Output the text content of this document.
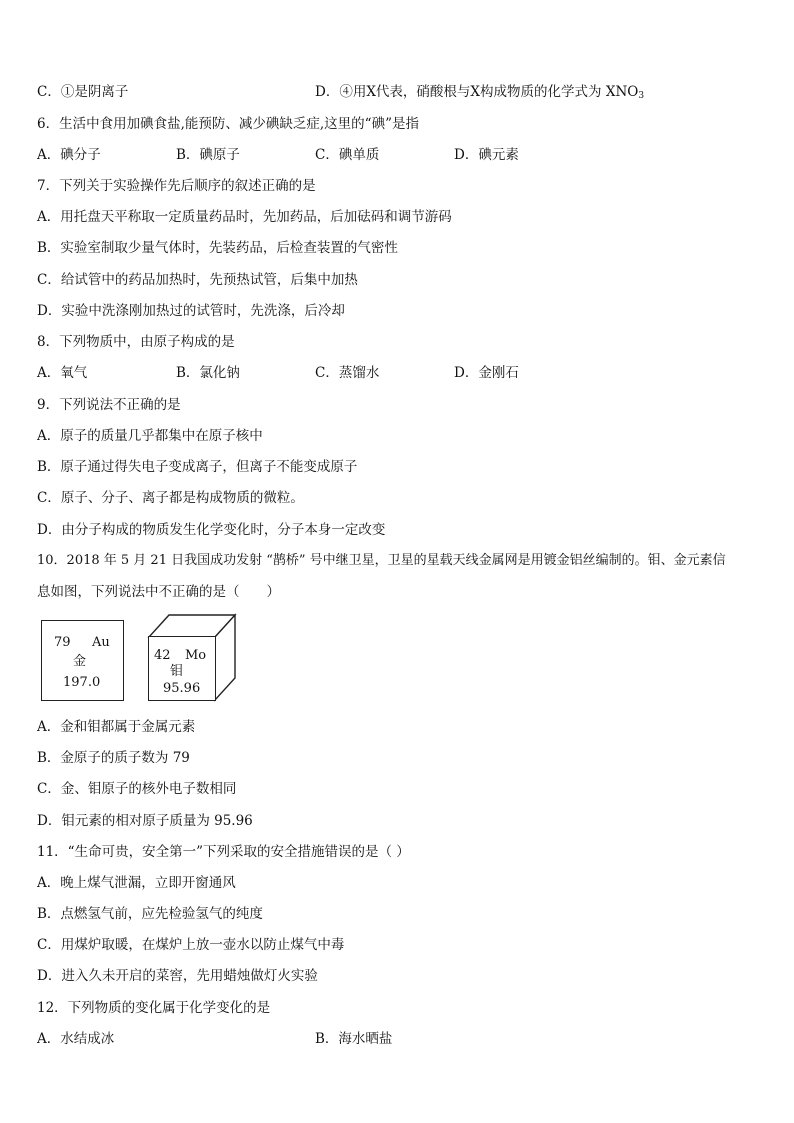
C．①是阴离子	D．④用X代表，硝酸根与X构成物质的化学式为 $XNO_3$
6．生活中食用加碘食盐,能预防、减少碘缺乏症,这里的“碘”是指
A．碘分子	B．碘原子	C．碘单质	D．碘元素
7．下列关于实验操作先后顺序的叙述正确的是
A．用托盘天平称取一定质量药品时，先加药品，后加砝码和调节游码
B．实验室制取少量气体时，先装药品，后检查装置的气密性
C．给试管中的药品加热时，先预热试管，后集中加热
D．实验中洗涤刚加热过的试管时，先洗涤，后冷却
8．下列物质中，由原子构成的是
A．氧气	B．氯化钠	C．蒸馏水	D．金刚石
9．下列说法不正确的是
A．原子的质量几乎都集中在原子核中
B．原子通过得失电子变成离子，但离子不能变成原子
C．原子、分子、离子都是构成物质的微粒。
D．由分子构成的物质发生化学变化时，分子本身一定改变
10．2018 年 5 月 21 日我国成功发射 “鹊桥” 号中继卫星，卫星的星载天线金属网是用镀金铝丝编制的。钼、金元素信
息如图，下列说法中不正确的是（　　）
79 Au
金
197.0
42 Mo
钼
95.96
A．金和钼都属于金属元素
B．金原子的质子数为 79
C．金、钼原子的核外电子数相同
D．钼元素的相对原子质量为 95.96
11．“生命可贵，安全第一”下列采取的安全措施错误的是（ ）
A．晚上煤气泄漏，立即开窗通风
B．点燃氢气前，应先检验氢气的纯度
C．用煤炉取暖，在煤炉上放一壶水以防止煤气中毒
D．进入久未开启的菜窖，先用蜡烛做灯火实验
12．下列物质的变化属于化学变化的是
A．水结成冰	B．海水晒盐
